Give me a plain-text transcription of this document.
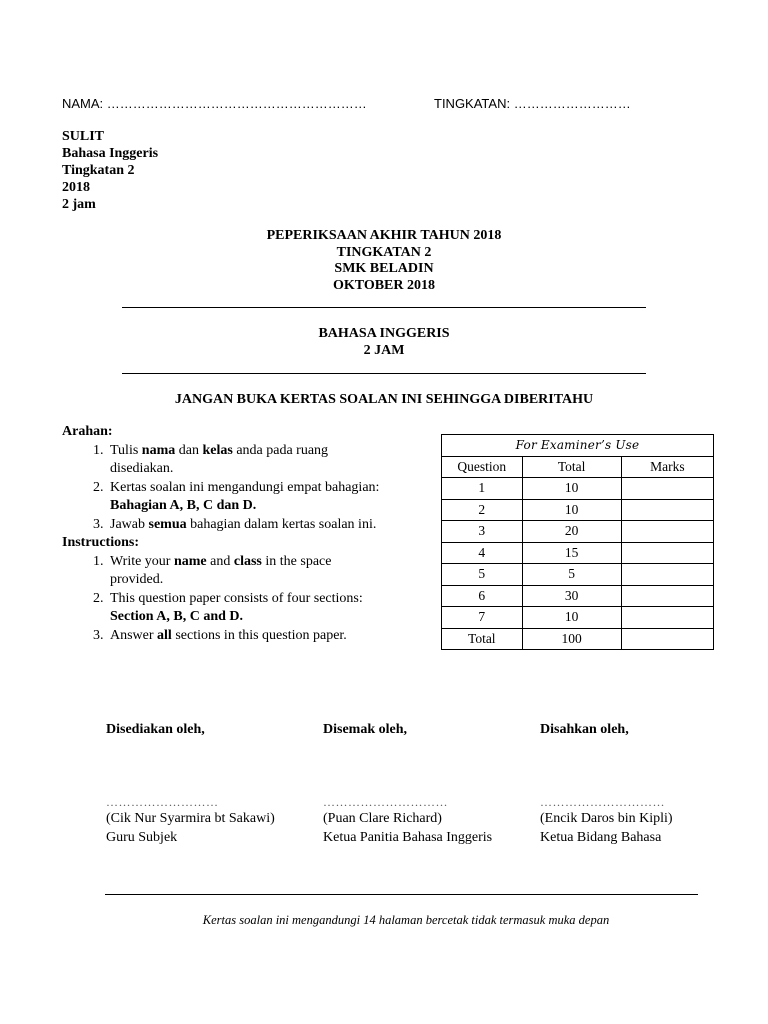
NAMA: ……………………………………………………	TINGKATAN: ………………………
SULIT
Bahasa Inggeris
Tingkatan 2
2018
2 jam
PEPERIKSAAN AKHIR TAHUN 2018
TINGKATAN 2
SMK BELADIN
OKTOBER 2018
BAHASA INGGERIS
2 JAM
JANGAN BUKA KERTAS SOALAN INI SEHINGGA DIBERITAHU
Arahan:
1. Tulis nama dan kelas anda pada ruang disediakan.
2. Kertas soalan ini mengandungi empat bahagian: Bahagian A, B, C dan D.
3. Jawab semua bahagian dalam kertas soalan ini.
Instructions:
1. Write your name and class in the space provided.
2. This question paper consists of four sections: Section A, B, C and D.
3. Answer all sections in this question paper.
For Examiner’s Use		
Question	Total	Marks
1	10	
2	10	
3	20	
4	15	
5	5	
6	30	
7	10	
Total	100	
Disediakan oleh,
………………………
(Cik Nur Syarmira bt Sakawi)
Guru Subjek
Disemak oleh,
…………………………
(Puan Clare Richard)
Ketua Panitia Bahasa Inggeris
Disahkan oleh,
…………………………
(Encik Daros bin Kipli)
Ketua Bidang Bahasa
Kertas soalan ini mengandungi 14 halaman bercetak tidak termasuk muka depan
